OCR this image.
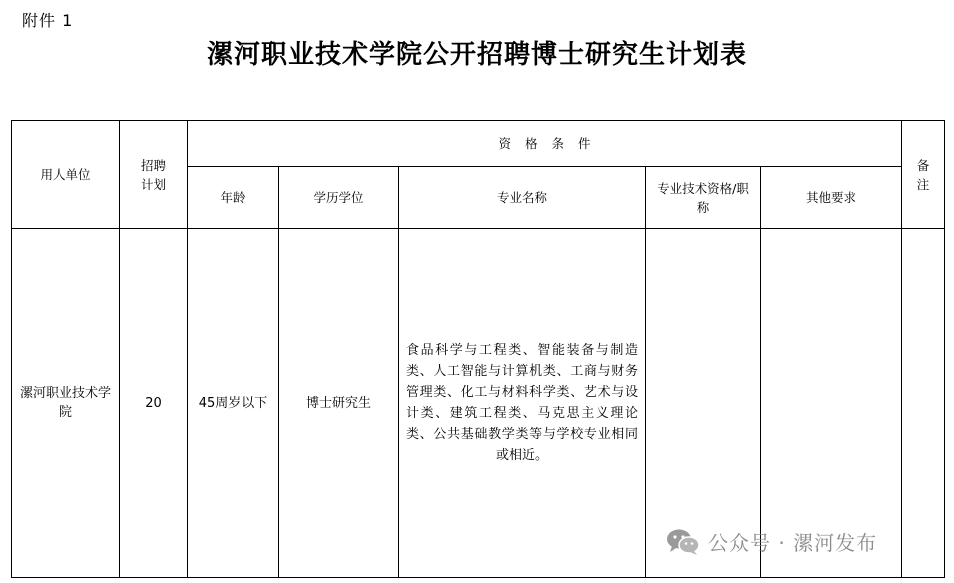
附件 1
漯河职业技术学院公开招聘博士研究生计划表
用人单位	招聘计划	资格条件					备注
		年龄	学历学位	专业名称	专业技术资格/职称	其他要求	
漯河职业技术学院	20	45周岁以下	博士研究生	食品科学与工程类、智能装备与制造类、人工智能与计算机类、工商与财务管理类、化工与材料科学类、艺术与设计类、建筑工程类、马克思主义理论类、公共基础教学类等与学校专业相同或相近。			

公众号 · 漯河发布
